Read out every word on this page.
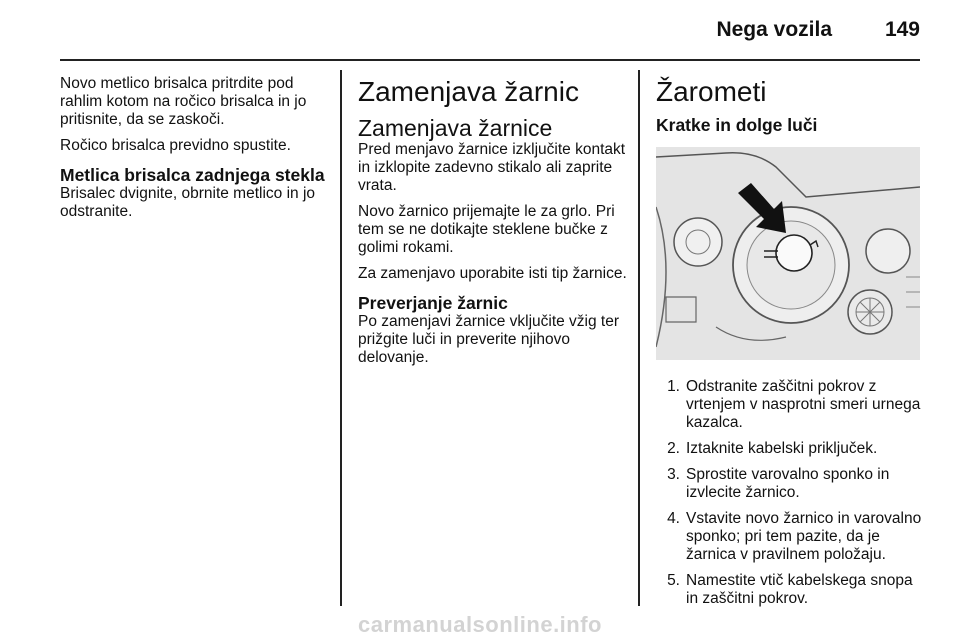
Nega vozila	149

Novo metlico brisalca pritrdite pod rahlim kotom na ročico brisalca in jo pritisnite, da se zaskoči.

Ročico brisalca previdno spustite.

Metlica brisalca zadnjega stekla

Brisalec dvignite, obrnite metlico in jo odstranite.

Zamenjava žarnic
Zamenjava žarnice

Pred menjavo žarnice izključite kontakt in izklopite zadevno stikalo ali zaprite vrata.

Novo žarnico prijemajte le za grlo. Pri tem se ne dotikajte steklene bučke z golimi rokami.

Za zamenjavo uporabite isti tip žarnice.

Preverjanje žarnic

Po zamenjavi žarnice vključite vžig ter prižgite luči in preverite njihovo delovanje.

Žarometi
Kratke in dolge luči
1. Odstranite zaščitni pokrov z vrtenjem v nasprotni smeri urnega kazalca.
2. Iztaknite kabelski priključek.
3. Sprostite varovalno sponko in izvlecite žarnico.
4. Vstavite novo žarnico in varovalno sponko; pri tem pazite, da je žarnica v pravilnem položaju.
5. Namestite vtič kabelskega snopa in zaščitni pokrov.
carmanualsonline.info
